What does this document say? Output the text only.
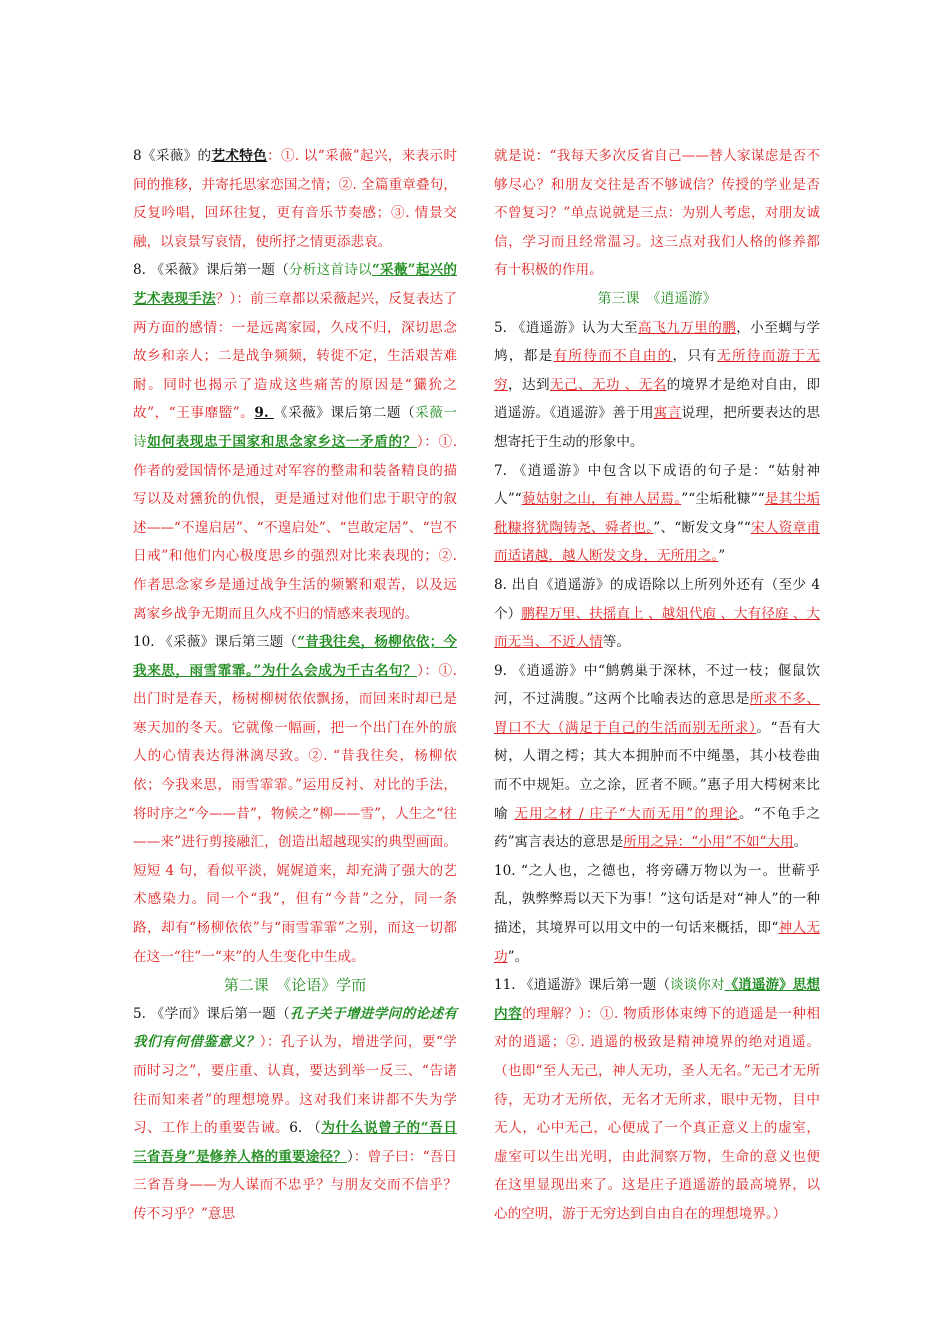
8《采薇》的艺术特色：①. 以“采薇”起兴，来表示时间的推移，并寄托思家恋国之情；②. 全篇重章叠句，反复吟唱，回环往复，更有音乐节奏感；③. 情景交融，以哀景写哀情，使所抒之情更添悲哀。

8. 《采薇》课后第一题（分析这首诗以“采薇”起兴的艺术表现手法？）：前三章都以采薇起兴，反复表达了两方面的感情：一是远离家园，久戍不归，深切思念故乡和亲人；二是战争频频，转徙不定，生活艰苦难耐。同时也揭示了造成这些痛苦的原因是“玁狁之故”，“王事靡盬”。9. 《采薇》课后第二题（采薇一诗如何表现忠于国家和思念家乡这一矛盾的？）：①. 作者的爱国情怀是通过对军容的整肃和装备精良的描写以及对獯狁的仇恨，更是通过对他们忠于职守的叙述——“不遑启居”、“不遑启处”、“岂敢定居”、“岂不日戒”和他们内心极度思乡的强烈对比来表现的；②. 作者思念家乡是通过战争生活的频繁和艰苦，以及远离家乡战争无期而且久戍不归的情感来表现的。

10. 《采薇》课后第三题（“昔我往矣，杨柳依依；今我来思，雨雪霏霏。”为什么会成为千古名句？）：①. 出门时是春天，杨树柳树依依飘扬，而回来时却已是寒天加的冬天。它就像一幅画，把一个出门在外的旅人的心情表达得淋漓尽致。②. “昔我往矣，杨柳依依；今我来思，雨雪霏霏。”运用反衬、对比的手法，将时序之“今——昔”，物候之“柳——雪”，人生之“往——来”进行剪接融汇，创造出超越现实的典型画面。短短 4 句，看似平淡，娓娓道来，却充满了强大的艺术感染力。同一个“我”，但有“今昔”之分，同一条路，却有“杨柳依依”与“雨雪霏霏”之别，而这一切都在这一“往”一“来”的人生变化中生成。

第二课　《论语》学而

5. 《学而》课后第一题（孔子关于增进学问的论述有我们有何借鉴意义？）：孔子认为，增进学问，要“学而时习之”，要庄重、认真，要达到举一反三、“告诸往而知来者”的理想境界。这对我们来讲都不失为学习、工作上的重要告诫。6. （为什么说曾子的“吾日三省吾身”是修养人格的重要途径？）：曾子曰：“吾日三省吾身——为人谋而不忠乎？与朋友交而不信乎？传不习乎？”意思

就是说：“我每天多次反省自己——替人家谋虑是否不够尽心？和朋友交往是否不够诚信？传授的学业是否不曾复习？”单点说就是三点：为别人考虑，对朋友诚信，学习而且经常温习。这三点对我们人格的修养都有十积极的作用。

第三课　《逍遥游》

5. 《逍遥游》认为大至高飞九万里的鹏，小至蜩与学鸠，都是有所待而不自由的，只有无所待而游于无穷，达到无己、无功 、无名的境界才是绝对自由，即逍遥游。《逍遥游》善于用寓言说理，把所要表达的思想寄托于生动的形象中。

7. 《逍遥游》中包含以下成语的句子是：“姑射神人”“藐姑射之山，有神人居焉。”“尘垢秕糠”“是其尘垢秕糠将犹陶铸尧、舜者也。”、“断发文身”“宋人资章甫而适诸越，越人断发文身，无所用之。”

8. 出自《逍遥游》的成语除以上所列外还有（至少 4 个）鹏程万里、扶摇直上 、越俎代庖 、大有径庭 、大而无当、不近人情等。

9. 《逍遥游》中“鹪鹩巢于深林，不过一枝；偃鼠饮河，不过满腹。”这两个比喻表达的意思是所求不多、胃口不大（满足于自己的生活而别无所求）。“吾有大树，人谓之樗；其大本拥肿而不中绳墨，其小枝卷曲而不中规矩。立之涂，匠者不顾。”惠子用大樗树来比喻 无用之材 / 庄子“大而无用”的理论。“不龟手之药”寓言表达的意思是所用之异：“小用”不如“大用。

10. “之人也，之德也，将旁礴万物以为一。世蕲乎乱，孰弊弊焉以天下为事！”这句话是对“神人”的一种描述，其境界可以用文中的一句话来概括，即“神人无功”。

11. 《逍遥游》课后第一题（谈谈你对《逍遥游》思想内容的理解？）：①. 物质形体束缚下的逍遥是一种相对的逍遥；②. 逍遥的极致是精神境界的绝对逍遥。（也即“至人无己，神人无功，圣人无名。”无己才无所待，无功才无所依，无名才无所求，眼中无物，目中无人，心中无己，心便成了一个真正意义上的虚室，虚室可以生出光明，由此洞察万物，生命的意义也便在这里显现出来了。这是庄子逍遥游的最高境界，以心的空明，游于无穷达到自由自在的理想境界。）
